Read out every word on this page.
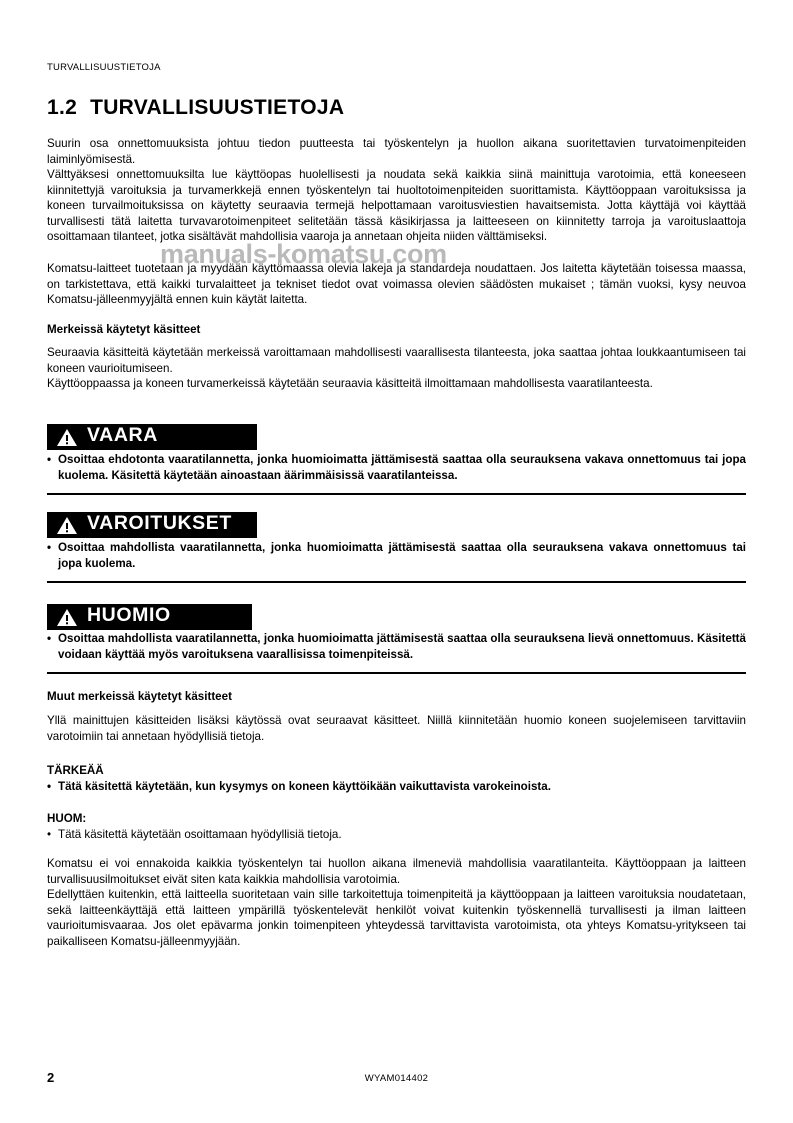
TURVALLISUUSTIETOJA
1.2 TURVALLISUUSTIETOJA

Suurin osa onnettomuuksista johtuu tiedon puutteesta tai työskentelyn ja huollon aikana suoritettavien turvatoimenpiteiden laiminlyömisestä.

Välttyäksesi onnettomuuksilta lue käyttöopas huolellisesti ja noudata sekä kaikkia siinä mainittuja varotoimia, että koneeseen kiinnitettyjä varoituksia ja turvamerkkejä ennen työskentelyn tai huoltotoimenpiteiden suorittamista. Käyttöoppaan varoituksissa ja koneen turvailmoituksissa on käytetty seuraavia termejä helpottamaan varoitusviestien havaitsemista. Jotta käyttäjä voi käyttää turvallisesti tätä laitetta turvavarotoimenpiteet selitetään tässä käsikirjassa ja laitteeseen on kiinnitetty tarroja ja varoituslaattoja osoittamaan tilanteet, jotka sisältävät mahdollisia vaaroja ja annetaan ohjeita niiden välttämiseksi.

manuals-komatsu.com

Komatsu-laitteet tuotetaan ja myydään käyttömaassa olevia lakeja ja standardeja noudattaen. Jos laitetta käytetään toisessa maassa, on tarkistettava, että kaikki turvalaitteet ja tekniset tiedot ovat voimassa olevien säädösten mukaiset ; tämän vuoksi, kysy neuvoa Komatsu-jälleenmyyjältä ennen kuin käytät laitetta.

Merkeissä käytetyt käsitteet

Seuraavia käsitteitä käytetään merkeissä varoittamaan mahdollisesti vaarallisesta tilanteesta, joka saattaa johtaa loukkaantumiseen tai koneen vaurioitumiseen.

Käyttöoppaassa ja koneen turvamerkeissä käytetään seuraavia käsitteitä ilmoittamaan mahdollisesta vaaratilanteesta.

VAARA
• Osoittaa ehdotonta vaaratilannetta, jonka huomioimatta jättämisestä saattaa olla seurauksena vakava onnettomuus tai jopa kuolema. Käsitettä käytetään ainoastaan äärimmäisissä vaaratilanteissa.
VAROITUKSET
• Osoittaa mahdollista vaaratilannetta, jonka huomioimatta jättämisestä saattaa olla seurauksena vakava onnettomuus tai jopa kuolema.
HUOMIO
• Osoittaa mahdollista vaaratilannetta, jonka huomioimatta jättämisestä saattaa olla seurauksena lievä onnettomuus. Käsitettä voidaan käyttää myös varoituksena vaarallisissa toimenpiteissä.
Muut merkeissä käytetyt käsitteet

Yllä mainittujen käsitteiden lisäksi käytössä ovat seuraavat käsitteet. Niillä kiinnitetään huomio koneen suojelemiseen tarvittaviin varotoimiin tai annetaan hyödyllisiä tietoja.

TÄRKEÄÄ
• Tätä käsitettä käytetään, kun kysymys on koneen käyttöikään vaikuttavista varokeinoista.
HUOM:
• Tätä käsitettä käytetään osoittamaan hyödyllisiä tietoja.

Komatsu ei voi ennakoida kaikkia työskentelyn tai huollon aikana ilmeneviä mahdollisia vaaratilanteita. Käyttöoppaan ja laitteen turvallisuusilmoitukset eivät siten kata kaikkia mahdollisia varotoimia.

Edellyttäen kuitenkin, että laitteella suoritetaan vain sille tarkoitettuja toimenpiteitä ja käyttöoppaan ja laitteen varoituksia noudatetaan, sekä laitteenkäyttäjä että laitteen ympärillä työskentelevät henkilöt voivat kuitenkin työskennellä turvallisesti ja ilman laitteen vaurioitumisvaaraa. Jos olet epävarma jonkin toimenpiteen yhteydessä tarvittavista varotoimista, ota yhteys Komatsu-yritykseen tai paikalliseen Komatsu-jälleenmyyjään.

2	WYAM014402
